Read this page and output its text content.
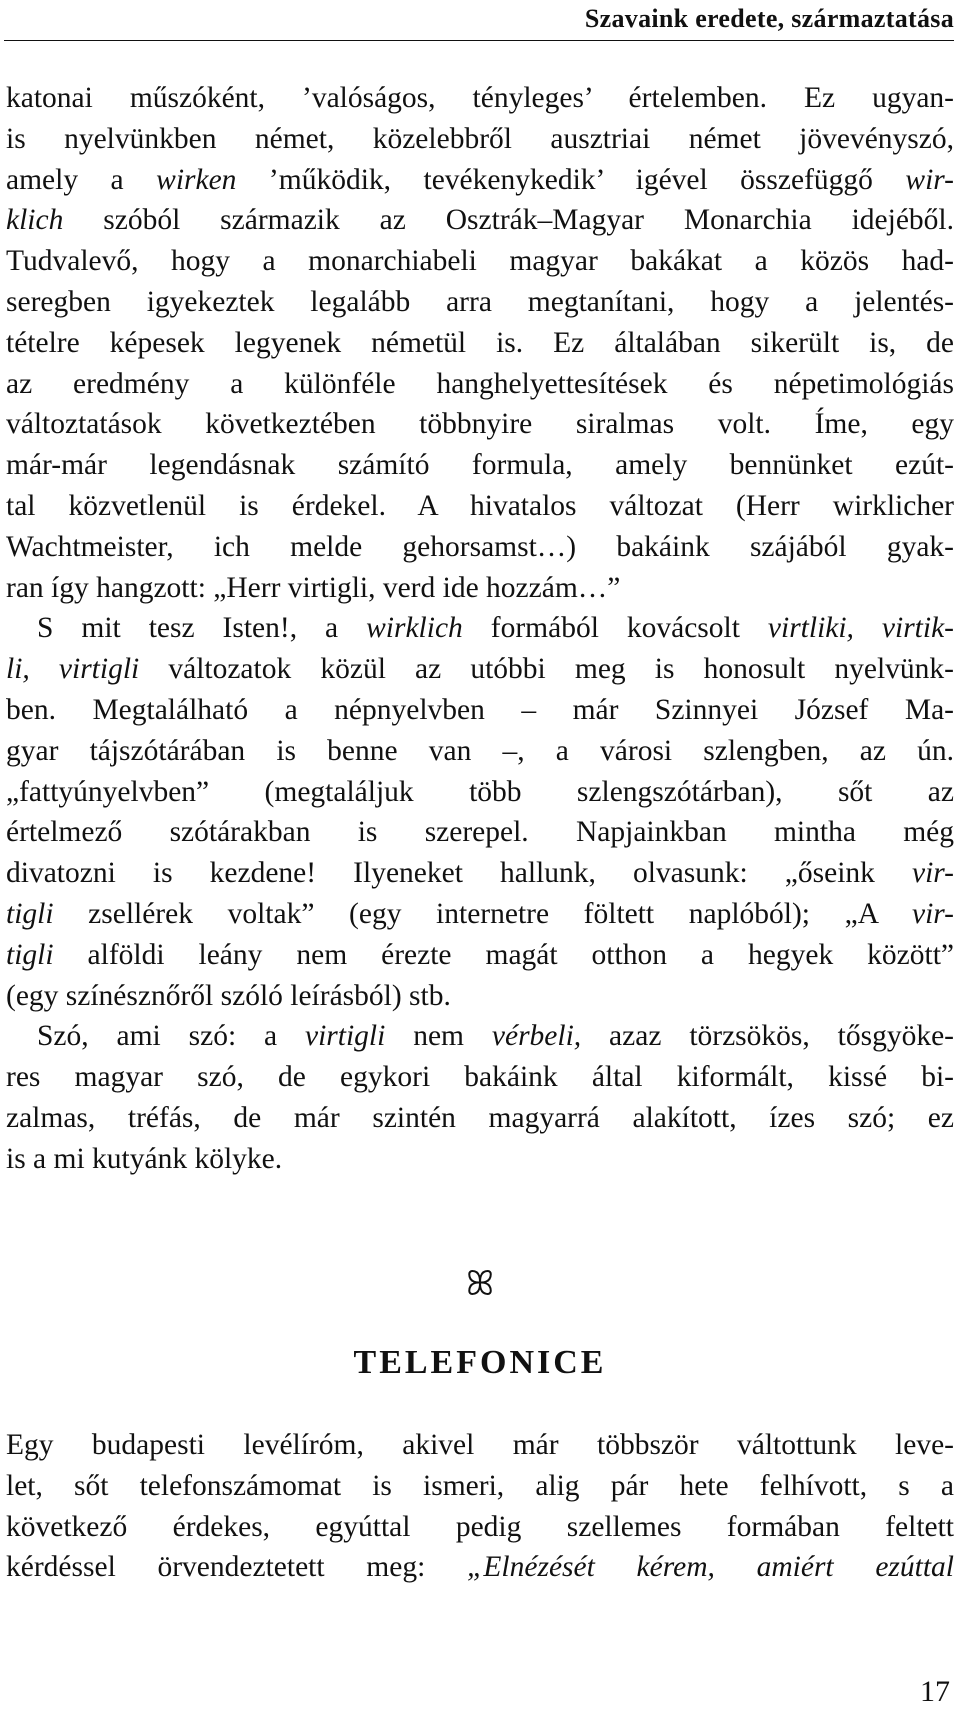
Szavaink eredete, származtatása
katonai műszóként, ’valóságos, tényleges’ értelemben. Ez ugyan-
is nyelvünkben német, közelebbről ausztriai német jövevényszó,
amely a wirken ’működik, tevékenykedik’ igével összefüggő wir-
klich szóból származik az Osztrák–Magyar Monarchia idejéből.
Tudvalevő, hogy a monarchiabeli magyar bakákat a közös had-
seregben igyekeztek legalább arra megtanítani, hogy a jelentés-
tételre képesek legyenek németül is. Ez általában sikerült is, de
az eredmény a különféle hanghelyettesítések és népetimológiás
változtatások következtében többnyire siralmas volt. Íme, egy
már-már legendásnak számító formula, amely bennünket ezút-
tal közvetlenül is érdekel. A hivatalos változat (Herr wirklicher
Wachtmeister, ich melde gehorsamst…) bakáink szájából gyak-
ran így hangzott: „Herr virtigli, verd ide hozzám…”
S mit tesz Isten!, a wirklich formából kovácsolt virtliki, virtik-
li, virtigli változatok közül az utóbbi meg is honosult nyelvünk-
ben. Megtalálható a népnyelvben – már Szinnyei József Ma-
gyar tájszótárában is benne van –, a városi szlengben, az ún.
„fattyúnyelvben” (megtaláljuk több szlengszótárban), sőt az
értelmező szótárakban is szerepel. Napjainkban mintha még
divatozni is kezdene! Ilyeneket hallunk, olvasunk: „őseink vir-
tigli zsellérek voltak” (egy internetre föltett naplóból); „A vir-
tigli alföldi leány nem érezte magát otthon a hegyek között”
(egy színésznőről szóló leírásból) stb.
Szó, ami szó: a virtigli nem vérbeli, azaz törzsökös, tősgyöke-
res magyar szó, de egykori bakáink által kiformált, kissé bi-
zalmas, tréfás, de már szintén magyarrá alakított, ízes szó; ez
is a mi kutyánk kölyke.
ꕤ
TELEFONICE
Egy budapesti levélíróm, akivel már többször váltottunk leve-
let, sőt telefonszámomat is ismeri, alig pár hete felhívott, s a
következő érdekes, egyúttal pedig szellemes formában feltett
kérdéssel örvendeztetett meg: „Elnézését kérem, amiért ezúttal
17
